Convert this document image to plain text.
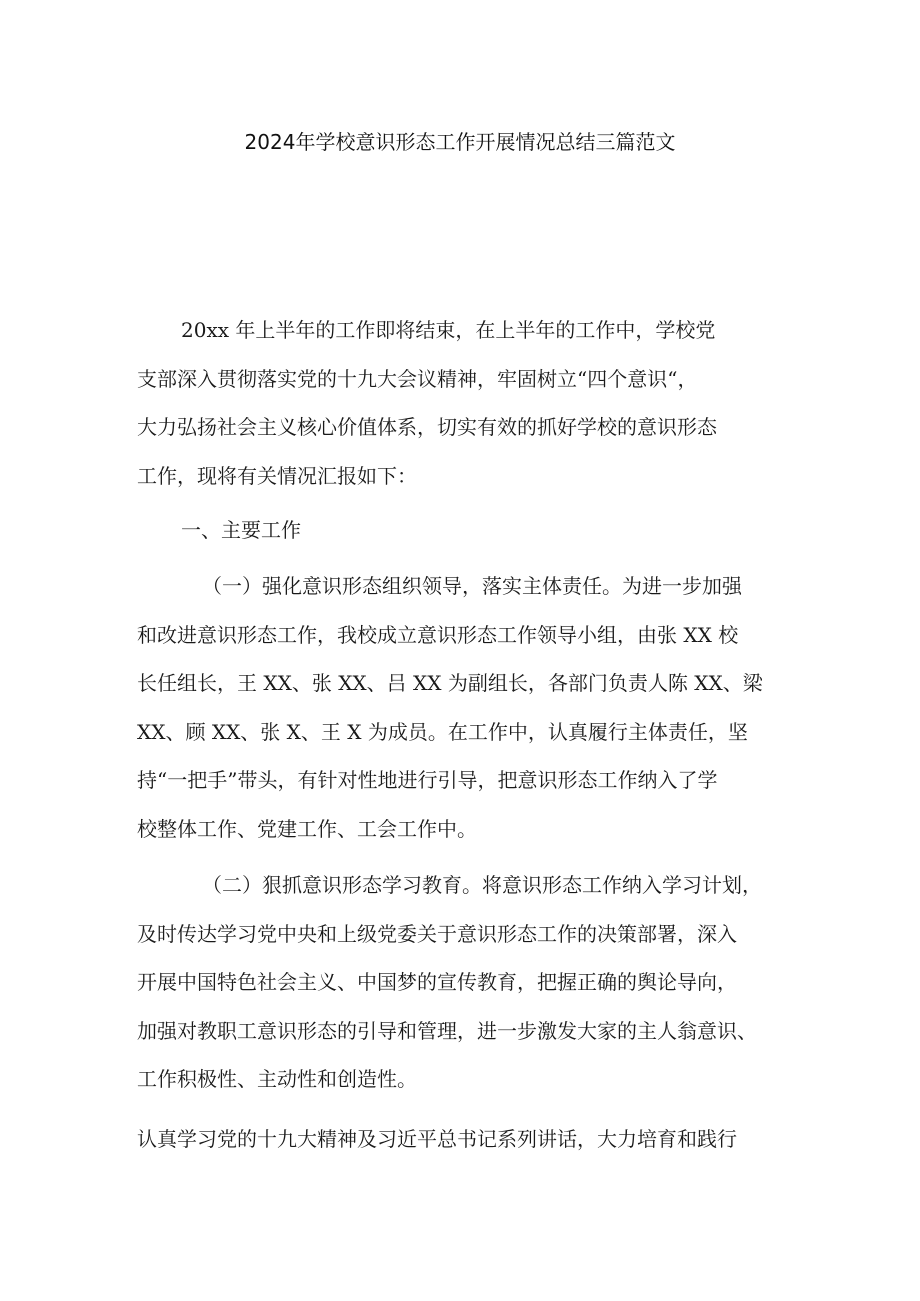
2024年学校意识形态工作开展情况总结三篇范文
20xx 年上半年的工作即将结束，在上半年的工作中，学校党
支部深入贯彻落实党的十九大会议精神，牢固树立“四个意识“，
大力弘扬社会主义核心价值体系，切实有效的抓好学校的意识形态
工作，现将有关情况汇报如下：
一、主要工作
（一）强化意识形态组织领导，落实主体责任。为进一步加强
和改进意识形态工作，我校成立意识形态工作领导小组，由张 XX 校
长任组长，王 XX、张 XX、吕 XX 为副组长，各部门负责人陈 XX、梁
XX、顾 XX、张 X、王 X 为成员。在工作中，认真履行主体责任，坚
持“一把手”带头，有针对性地进行引导，把意识形态工作纳入了学
校整体工作、党建工作、工会工作中。
（二）狠抓意识形态学习教育。将意识形态工作纳入学习计划，
及时传达学习党中央和上级党委关于意识形态工作的决策部署，深入
开展中国特色社会主义、中国梦的宣传教育，把握正确的舆论导向，
加强对教职工意识形态的引导和管理，进一步激发大家的主人翁意识、
工作积极性、主动性和创造性。
认真学习党的十九大精神及习近平总书记系列讲话，大力培育和践行
